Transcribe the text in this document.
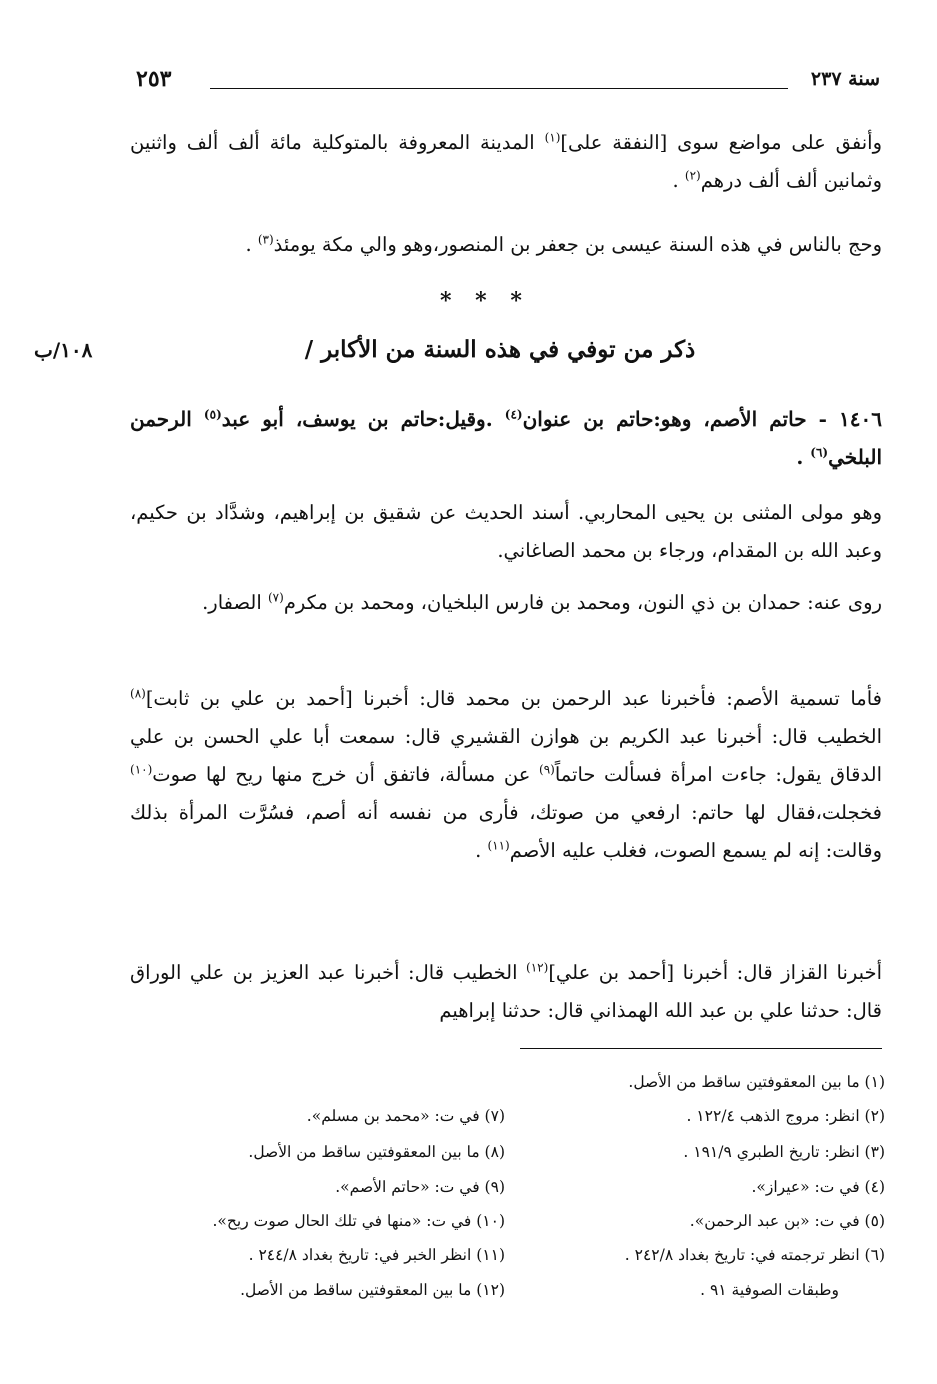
سنة ٢٣٧
٢٥٣
وأنفق على مواضع سوى [النفقة على]$^{(١)}$ المدينة المعروفة بالمتوكلية مائة ألف ألف واثنين وثمانين ألف ألف درهم$^{(٢)}$ .
وحج بالناس في هذه السنة عيسى بن جعفر بن المنصور،وهو والي مكة يومئذ$^{(٣)}$ .
* * *
ذكر من توفي في هذه السنة من الأكابر /
١٠٨/ب
١٤٠٦ - حاتم الأصم، وهو:حاتم بن عنوان$^{(٤)}$ .وقيل:حاتم بن يوسف، أبو عبد$^{(٥)}$ الرحمن البلخي$^{(٦)}$ .
وهو مولى المثنى بن يحيى المحاربي. أسند الحديث عن شقيق بن إبراهيم، وشدَّاد بن حكيم، وعبد الله بن المقدام، ورجاء بن محمد الصاغاني.
روى عنه: حمدان بن ذي النون، ومحمد بن فارس البلخيان، ومحمد بن مكرم$^{(٧)}$ الصفار.
فأما تسمية الأصم: فأخبرنا عبد الرحمن بن محمد قال: أخبرنا [أحمد بن علي بن ثابت]$^{(٨)}$ الخطيب قال: أخبرنا عبد الكريم بن هوازن القشيري قال: سمعت أبا علي الحسن بن علي الدقاق يقول: جاءت امرأة فسألت حاتماً$^{(٩)}$ عن مسألة، فاتفق أن خرج منها ريح لها صوت$^{(١٠)}$ فخجلت،فقال لها حاتم: ارفعي من صوتك، فأرى من نفسه أنه أصم، فسُرَّت المرأة بذلك وقالت: إنه لم يسمع الصوت، فغلب عليه الأصم$^{(١١)}$ .
أخبرنا القزاز قال: أخبرنا [أحمد بن علي]$^{(١٢)}$ الخطيب قال: أخبرنا عبد العزيز بن علي الوراق قال: حدثنا علي بن عبد الله الهمذاني قال: حدثنا إبراهيم
(١) ما بين المعقوفتين ساقط من الأصل.
(٢) انظر: مروج الذهب ١٢٢/٤ .
(٣) انظر: تاريخ الطبري ١٩١/٩ .
(٤) في ت: «عيراز».
(٥) في ت: «بن عبد الرحمن».
(٦) انظر ترجمته في: تاريخ بغداد ٢٤٢/٨ .
وطبقات الصوفية ٩١ .
(٧) في ت: «محمد بن مسلم».
(٨) ما بين المعقوفتين ساقط من الأصل.
(٩) في ت: «حاتم الأصم».
(١٠) في ت: «منها في تلك الحال صوت ريح».
(١١) انظر الخبر في: تاريخ بغداد ٢٤٤/٨ .
(١٢) ما بين المعقوفتين ساقط من الأصل.
